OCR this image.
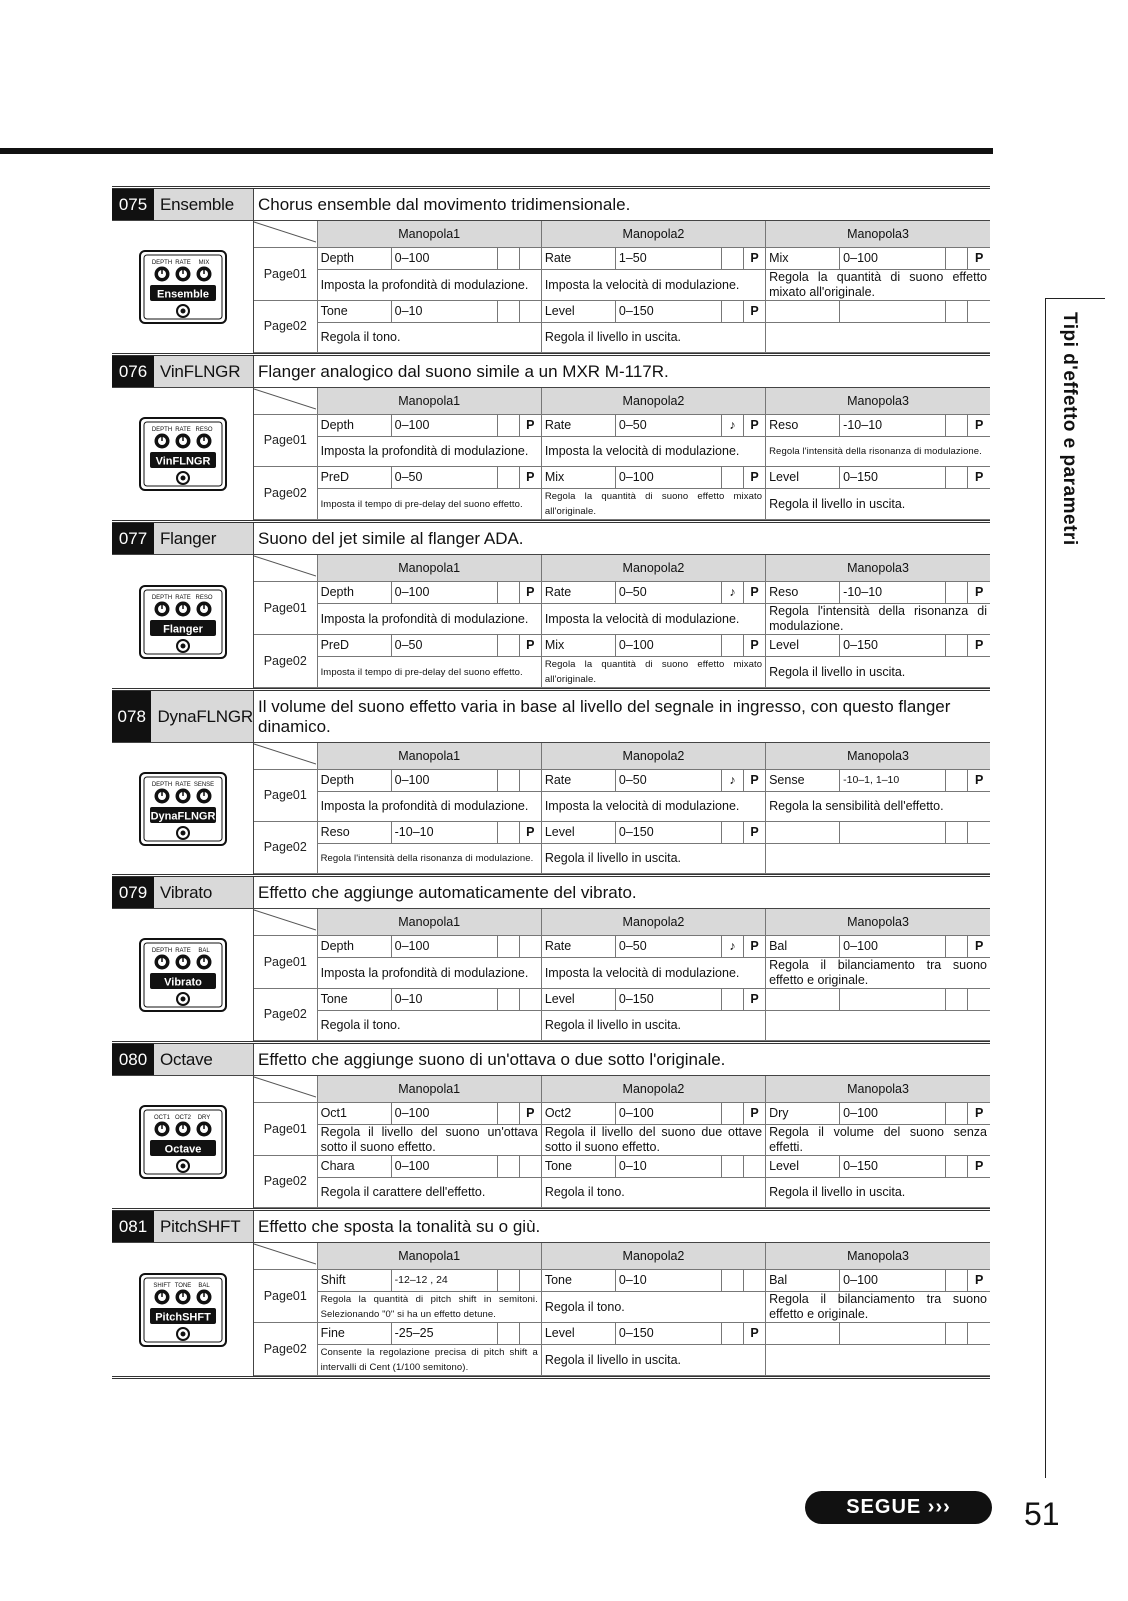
075 Ensemble Chorus ensemble dal movimento tridimensionale.
DEPTH RATE MIX
Ensemble
	Manopola1				Manopola2				Manopola3			
Page01	Depth	0–100			Rate	1–50		P	Mix	0–100		P
	Imposta la profondità di modulazione.				Imposta la velocità di modulazione.				Regola la quantità di suono effetto mixato all'originale.			
Page02	Tone	0–10			Level	0–150		P				
	Regola il tono.				Regola il livello in uscita.							
076 VinFLNGR Flanger analogico dal suono simile a un MXR M-117R.
DEPTH RATE RESO
VinFLNGR
	Manopola1				Manopola2				Manopola3			
Page01	Depth	0–100		P	Rate	0–50	♪	P	Reso	-10–10		P
	Imposta la profondità di modulazione.				Imposta la velocità di modulazione.				Regola l'intensità della risonanza di modulazione.			
Page02	PreD	0–50		P	Mix	0–100		P	Level	0–150		P
	Imposta il tempo di pre-delay del suono effetto.				Regola la quantità di suono effetto mixato all'originale.				Regola il livello in uscita.			
077 Flanger Suono del jet simile al flanger ADA.
DEPTH RATE RESO
Flanger
	Manopola1				Manopola2				Manopola3			
Page01	Depth	0–100		P	Rate	0–50	♪	P	Reso	-10–10		P
	Imposta la profondità di modulazione.				Imposta la velocità di modulazione.				Regola l'intensità della risonanza di modulazione.			
Page02	PreD	0–50		P	Mix	0–100		P	Level	0–150		P
	Imposta il tempo di pre-delay del suono effetto.				Regola la quantità di suono effetto mixato all'originale.				Regola il livello in uscita.			
078 DynaFLNGR
Il volume del suono effetto varia in base al livello del segnale in ingresso, con questo flanger dinamico.
DEPTH RATE SENSE
DynaFLNGR
	Manopola1				Manopola2				Manopola3			
Page01	Depth	0–100			Rate	0–50	♪	P	Sense	-10–1, 1–10		P
	Imposta la profondità di modulazione.				Imposta la velocità di modulazione.				Regola la sensibilità dell'effetto.			
Page02	Reso	-10–10		P	Level	0–150		P				
	Regola l'intensità della risonanza di modulazione.				Regola il livello in uscita.							
079 Vibrato	Effetto che aggiunge automaticamente del vibrato.
DEPTH RATE BAL
Vibrato
	Manopola1				Manopola2				Manopola3			
Page01	Depth	0–100			Rate	0–50	♪	P	Bal	0–100		P
	Imposta la profondità di modulazione.				Imposta la velocità di modulazione.				Regola il bilanciamento tra suono effetto e originale.			
Page02	Tone	0–10			Level	0–150		P				
	Regola il tono.				Regola il livello in uscita.							
080 Octave	Effetto che aggiunge suono di un'ottava o due sotto l'originale.
OCT1 OCT2 DRY
Octave
	Manopola1				Manopola2				Manopola3			
Page01	Oct1	0–100		P	Oct2	0–100		P	Dry	0–100		P
	Regola il livello del suono un'ottava sotto il suono effetto.				Regola il livello del suono due ottave sotto il suono effetto.				Regola il volume del suono senza effetti.			
Page02	Chara	0–100			Tone	0–10			Level	0–150		P
	Regola il carattere dell'effetto.				Regola il tono.				Regola il livello in uscita.			
081 PitchSHFT Effetto che sposta la tonalità su o giù.
SHIFT TONE BAL
PitchSHFT
	Manopola1				Manopola2				Manopola3			
Page01	Shift	-12–12 , 24			Tone	0–10			Bal	0–100		P
	Regola la quantità di pitch shift in semitoni. Selezionando "0" si ha un effetto detune.				Regola il tono.				Regola il bilanciamento tra suono effetto e originale.			
Page02	Fine	-25–25			Level	0–150		P				
	Consente la regolazione precisa di pitch shift a intervalli di Cent (1/100 semitono).				Regola il livello in uscita.							
Tipi d'effetto e parametri
SEGUE ›››	51
